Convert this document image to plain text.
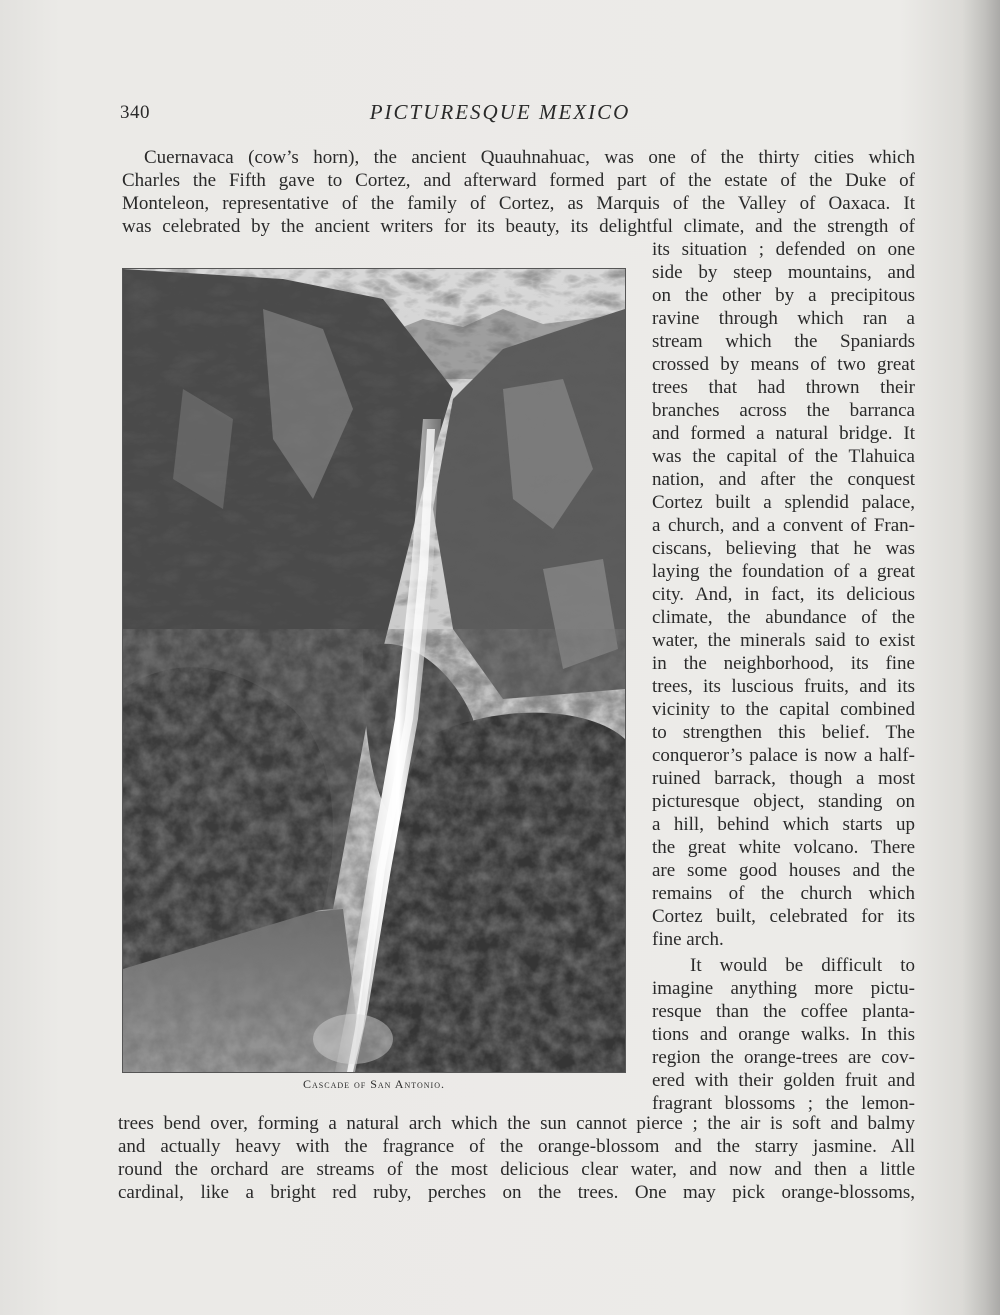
340	PICTURESQUE MEXICO
Cuernavaca (cow’s horn), the ancient Quauhnahuac, was one of the thirty cities which
Charles the Fifth gave to Cortez, and afterward formed part of the estate of the Duke of
Monteleon, representative of the family of Cortez, as Marquis of the Valley of Oaxaca. It
was celebrated by the ancient writers for its beauty, its delightful climate, and the strength of
its situation ; defended on one
side by steep mountains, and
on the other by a precipitous
ravine through which ran a
stream which the Spaniards
crossed by means of two great
trees that had thrown their
branches across the barranca
and formed a natural bridge. It
was the capital of the Tlahuica
nation, and after the conquest
Cortez built a splendid palace,
a church, and a convent of Fran-
ciscans, believing that he was
laying the foundation of a great
city. And, in fact, its delicious
climate, the abundance of the
water, the minerals said to exist
in the neighborhood, its fine
trees, its luscious fruits, and its
vicinity to the capital combined
to strengthen this belief. The
conqueror’s palace is now a half-
ruined barrack, though a most
picturesque object, standing on
a hill, behind which starts up
the great white volcano. There
are some good houses and the
remains of the church which
Cortez built, celebrated for its
fine arch.
It would be difficult to
imagine anything more pictu-
resque than the coffee planta-
tions and orange walks. In this
region the orange-trees are cov-
ered with their golden fruit and
fragrant blossoms ; the lemon-
trees bend over, forming a natural arch which the sun cannot pierce ; the air is soft and balmy
and actually heavy with the fragrance of the orange-blossom and the starry jasmine. All
round the orchard are streams of the most delicious clear water, and now and then a little
cardinal, like a bright red ruby, perches on the trees. One may pick orange-blossoms,
Cascade of San Antonio.
